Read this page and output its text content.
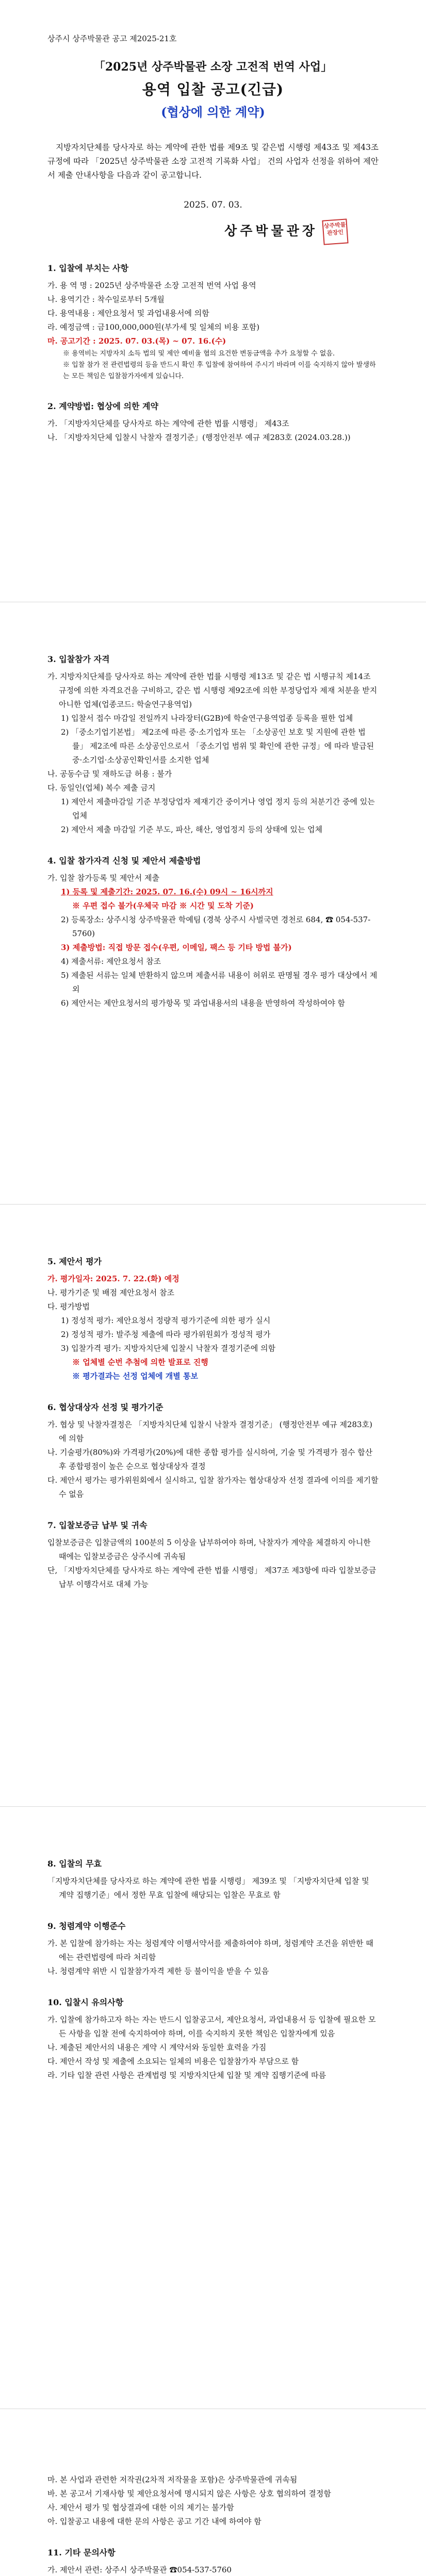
상주시 상주박물관 공고 제2025-21호
「2025년 상주박물관 소장 고전적 번역 사업」
용역 입찰 공고(긴급)
(협상에 의한 계약)
지방자치단체를 당사자로 하는 계약에 관한 법률 제9조 및 같은법 시행령 제43조 및 제43조 규정에 따라 「2025년 상주박물관 소장 고전적 기록화 사업」 건의 사업자 선정을 위하여 제안서 제출 안내사항을 다음과 같이 공고합니다.
2025. 07. 03.
상주박물관장 상주박물관장인
1. 입찰에 부치는 사항
가. 용 역 명 : 2025년 상주박물관 소장 고전적 번역 사업 용역
나. 용역기간 : 착수일로부터 5개월
다. 용역내용 : 제안요청서 및 과업내용서에 의함
라. 예정금액 : 금100,000,000원(부가세 및 일체의 비용 포함)
마. 공고기간 : 2025. 07. 03.(목) ~ 07. 16.(수)
※ 용역비는 지방자치 소득 법의 및 제안 예비율 협의 요건한 변동금액을 추가 요청할 수 없음.
※ 입찰 참가 전 관련법령의 등을 반드시 확인 후 입찰에 참여하여 주시기 바라며 이를 숙지하지 않아 발생하는 모든 책임은 입찰참가자에게 있습니다.
2. 계약방법: 협상에 의한 계약
가. 「지방자치단체를 당사자로 하는 계약에 관한 법률 시행령」 제43조
나. 「지방자치단체 입찰시 낙찰자 결정기준」(행정안전부 예규 제283호 (2024.03.28.))
3. 입찰참가 자격
가. 지방자치단체를 당사자로 하는 계약에 관한 법률 시행령 제13조 및 같은 법 시행규칙 제14조 규정에 의한 자격요건을 구비하고, 같은 법 시행령 제92조에 의한 부정당업자 제재 처분을 받지 아니한 업체(업종코드: 학술연구용역업)
1) 입찰서 접수 마감일 전일까지 나라장터(G2B)에 학술연구용역업종 등록을 필한 업체
2) 「중소기업기본법」 제2조에 따른 중·소기업자 또는 「소상공인 보호 및 지원에 관한 법률」 제2조에 따른 소상공인으로서 「중소기업 범위 및 확인에 관한 규정」에 따라 발급된 중·소기업·소상공인확인서를 소지한 업체
나. 공동수급 및 재하도급 허용 : 불가
다. 동일인(업체) 복수 제출 금지
1) 제안서 제출마감일 기준 부정당업자 제재기간 중이거나 영업 정지 등의 처분기간 중에 있는 업체
2) 제안서 제출 마감일 기준 부도, 파산, 해산, 영업정지 등의 상태에 있는 업체
4. 입찰 참가자격 신청 및 제안서 제출방법
가. 입찰 참가등록 및 제안서 제출
1) 등록 및 제출기간: 2025. 07. 16.(수) 09시 ~ 16시까지
※ 우편 접수 불가(우체국 마감 ※ 시간 및 도착 기준)
2) 등록장소: 상주시청 상주박물관 학예팀 (경북 상주시 사벌국면 경천로 684, ☎ 054-537-5760)
3) 제출방법: 직접 방문 접수(우편, 이메일, 팩스 등 기타 방법 불가)
4) 제출서류: 제안요청서 참조
5) 제출된 서류는 일체 반환하지 않으며 제출서류 내용이 허위로 판명될 경우 평가 대상에서 제외
6) 제안서는 제안요청서의 평가항목 및 과업내용서의 내용을 반영하여 작성하여야 함
5. 제안서 평가
가. 평가일자: 2025. 7. 22.(화) 예정
나. 평가기준 및 배점 제안요청서 참조
다. 평가방법
1) 정성적 평가: 제안요청서 정량적 평가기준에 의한 평가 실시
2) 정성적 평가: 발주청 제출에 따라 평가위원회가 정성적 평가
3) 입찰가격 평가: 지방자치단체 입찰시 낙찰자 결정기준에 의함
※ 업체별 순번 추첨에 의한 발표로 진행
※ 평가결과는 선정 업체에 개별 통보
6. 협상대상자 선정 및 평가기준
가. 협상 및 낙찰자결정은 「지방자치단체 입찰시 낙찰자 결정기준」 (행정안전부 예규 제283호)에 의함
나. 기술평가(80%)와 가격평가(20%)에 대한 종합 평가를 실시하여, 기술 및 가격평가 점수 합산 후 종합평점이 높은 순으로 협상대상자 결정
다. 제안서 평가는 평가위원회에서 실시하고, 입찰 참가자는 협상대상자 선정 결과에 이의를 제기할 수 없음
7. 입찰보증금 납부 및 귀속
입찰보증금은 입찰금액의 100분의 5 이상을 납부하여야 하며, 낙찰자가 계약을 체결하지 아니한 때에는 입찰보증금은 상주시에 귀속됨
단, 「지방자치단체를 당사자로 하는 계약에 관한 법률 시행령」 제37조 제3항에 따라 입찰보증금 납부 이행각서로 대체 가능
8. 입찰의 무효
「지방자치단체를 당사자로 하는 계약에 관한 법률 시행령」 제39조 및 「지방자치단체 입찰 및 계약 집행기준」에서 정한 무효 입찰에 해당되는 입찰은 무효로 함
9. 청렴계약 이행준수
가. 본 입찰에 참가하는 자는 청렴계약 이행서약서를 제출하여야 하며, 청렴계약 조건을 위반한 때에는 관련법령에 따라 처리함
나. 청렴계약 위반 시 입찰참가자격 제한 등 불이익을 받을 수 있음
10. 입찰시 유의사항
가. 입찰에 참가하고자 하는 자는 반드시 입찰공고서, 제안요청서, 과업내용서 등 입찰에 필요한 모든 사항을 입찰 전에 숙지하여야 하며, 이를 숙지하지 못한 책임은 입찰자에게 있음
나. 제출된 제안서의 내용은 계약 시 계약서와 동일한 효력을 가짐
다. 제안서 작성 및 제출에 소요되는 일체의 비용은 입찰참가자 부담으로 함
라. 기타 입찰 관련 사항은 관계법령 및 지방자치단체 입찰 및 계약 집행기준에 따름
마. 본 사업과 관련한 저작권(2차적 저작물을 포함)은 상주박물관에 귀속됨
바. 본 공고서 기재사항 및 제안요청서에 명시되지 않은 사항은 상호 협의하여 결정함
사. 제안서 평가 및 협상결과에 대한 이의 제기는 불가함
아. 입찰공고 내용에 대한 문의 사항은 공고 기간 내에 하여야 함
11. 기타 문의사항
가. 제안서 관련: 상주시 상주박물관 ☎054-537-5760
